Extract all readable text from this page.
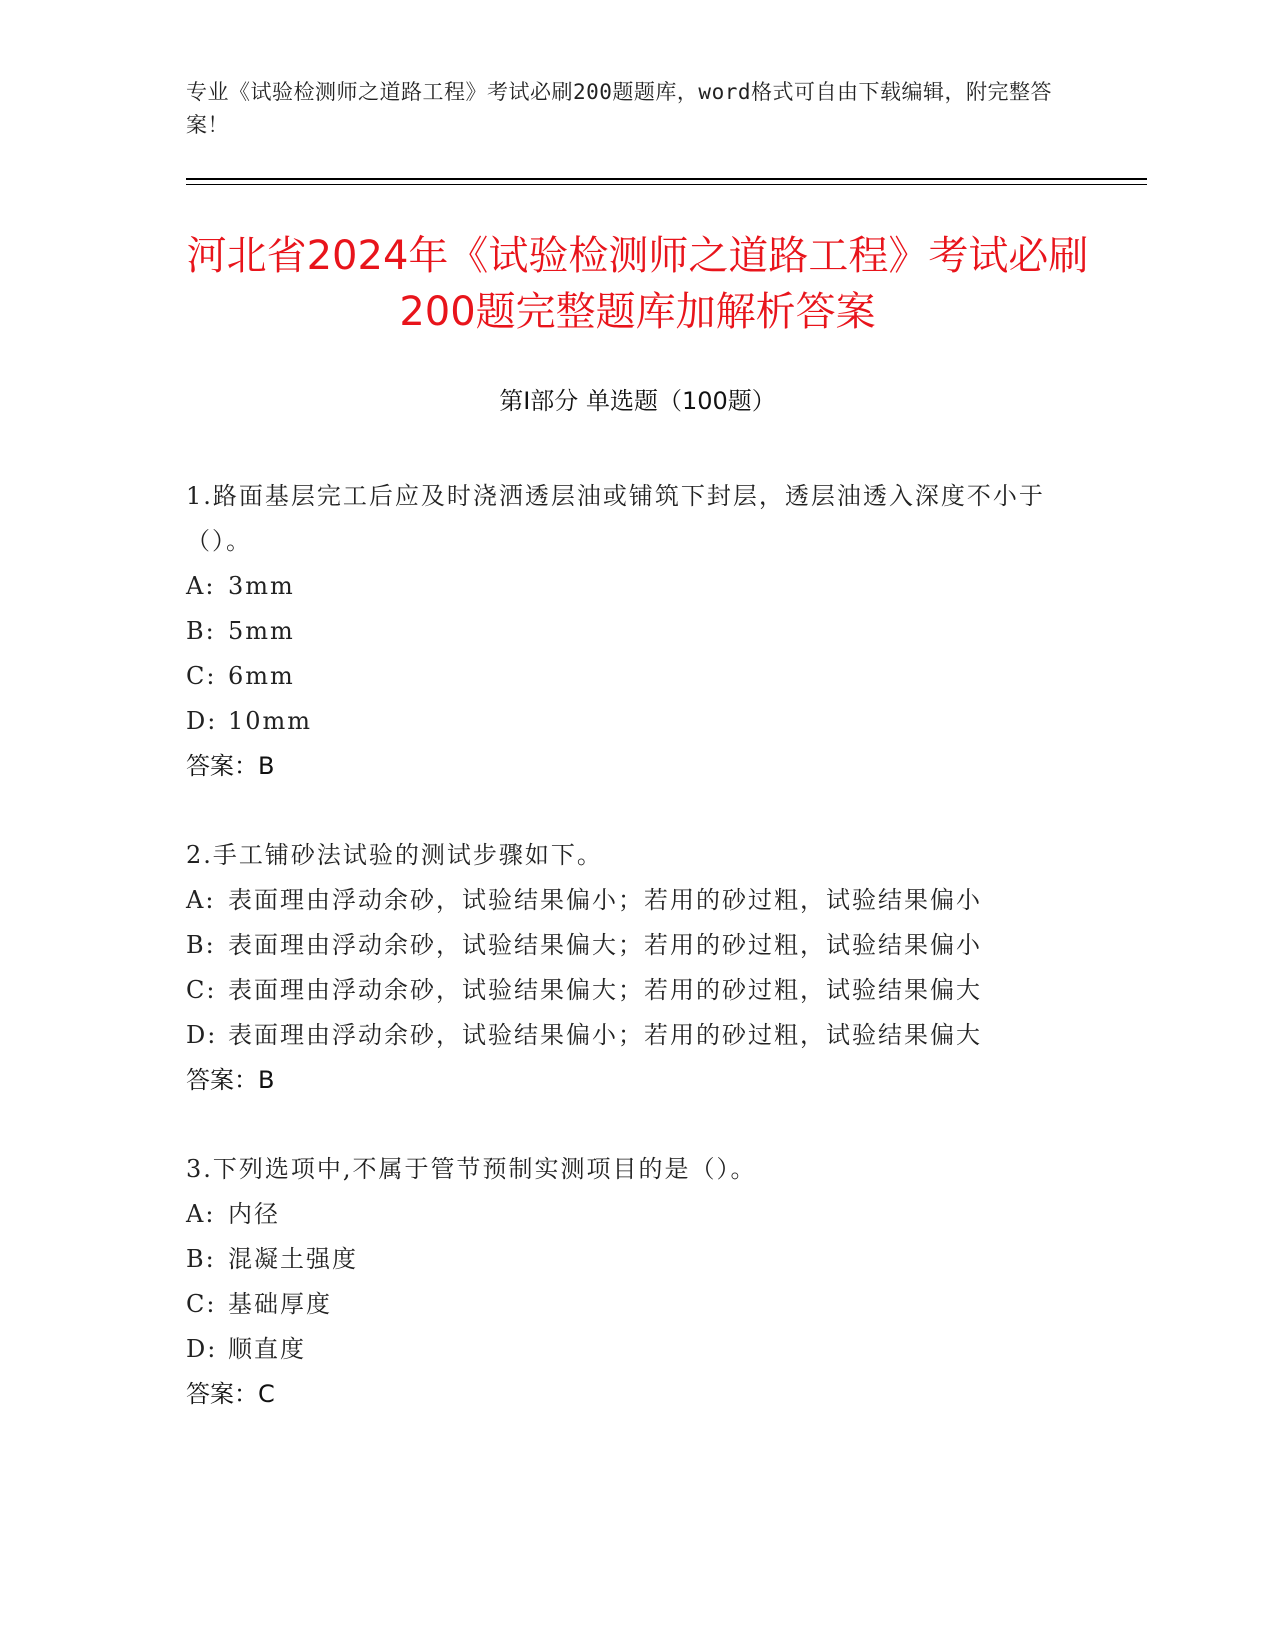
专业《试验检测师之道路工程》考试必刷200题题库，word格式可自由下载编辑，附完整答案！
河北省2024年《试验检测师之道路工程》考试必刷200题完整题库加解析答案
第Ⅰ部分 单选题（100题）

1.路面基层完工后应及时浇洒透层油或铺筑下封层，透层油透入深度不小于（）。

A: 3mm

B: 5mm

C: 6mm

D: 10mm

答案：B

2.手工铺砂法试验的测试步骤如下。

A: 表面理由浮动余砂，试验结果偏小；若用的砂过粗，试验结果偏小

B: 表面理由浮动余砂，试验结果偏大；若用的砂过粗，试验结果偏小

C: 表面理由浮动余砂，试验结果偏大；若用的砂过粗，试验结果偏大

D: 表面理由浮动余砂，试验结果偏小；若用的砂过粗，试验结果偏大

答案：B

3.下列选项中,不属于管节预制实测项目的是（）。

A: 内径

B: 混凝土强度

C: 基础厚度

D: 顺直度

答案：C
